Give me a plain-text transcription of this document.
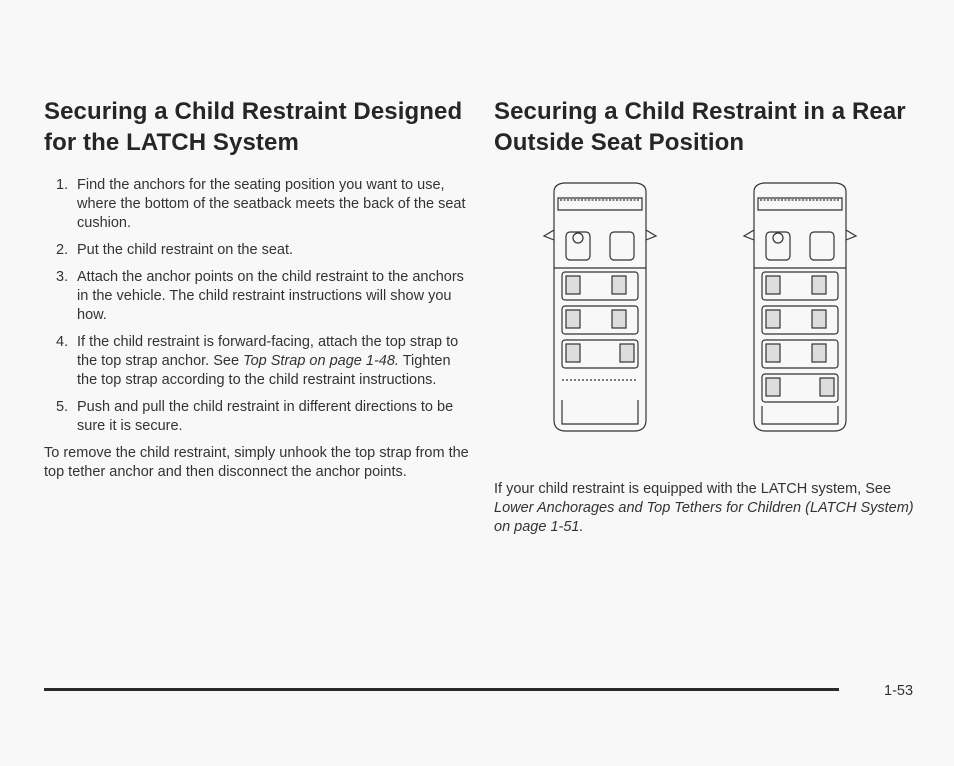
Securing a Child Restraint Designed for the LATCH System
1. Find the anchors for the seating position you want to use, where the bottom of the seatback meets the back of the seat cushion.
2. Put the child restraint on the seat.
3. Attach the anchor points on the child restraint to the anchors in the vehicle. The child restraint instructions will show you how.
4. If the child restraint is forward-facing, attach the top strap to the top strap anchor. See Top Strap on page 1-48. Tighten the top strap according to the child restraint instructions.
5. Push and pull the child restraint in different directions to be sure it is secure.

To remove the child restraint, simply unhook the top strap from the top tether anchor and then disconnect the anchor points.

Securing a Child Restraint in a Rear Outside Seat Position

If your child restraint is equipped with the LATCH system, See Lower Anchorages and Top Tethers for Children (LATCH System) on page 1-51.

1-53
